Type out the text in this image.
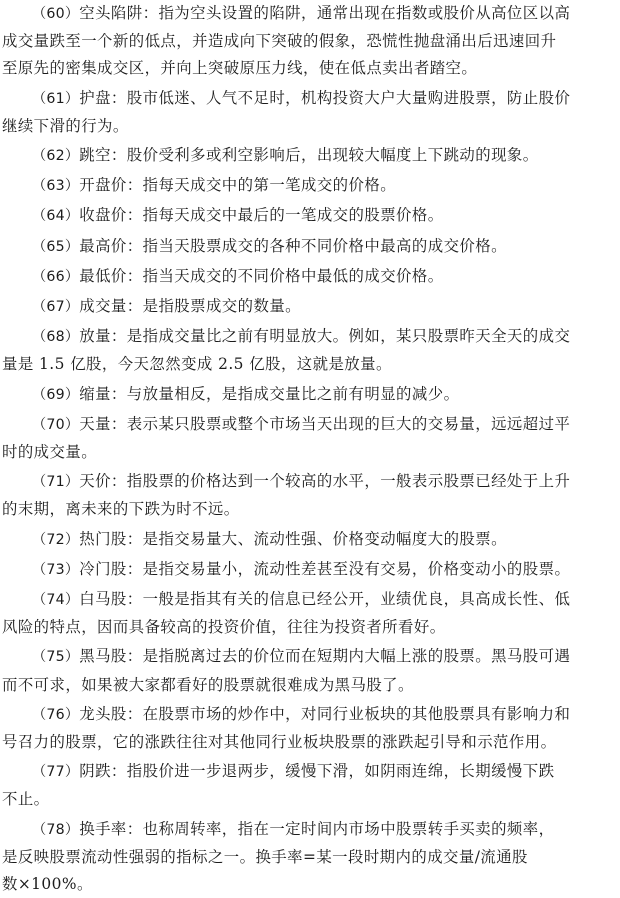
（60）空头陷阱：指为空头设置的陷阱，通常出现在指数或股价从高位区以高
成交量跌至一个新的低点，并造成向下突破的假象，恐慌性抛盘涌出后迅速回升
至原先的密集成交区，并向上突破原压力线，使在低点卖出者踏空。
（61）护盘：股市低迷、人气不足时，机构投资大户大量购进股票，防止股价
继续下滑的行为。
（62）跳空：股价受利多或利空影响后，出现较大幅度上下跳动的现象。
（63）开盘价：指每天成交中的第一笔成交的价格。
（64）收盘价：指每天成交中最后的一笔成交的股票价格。
（65）最高价：指当天股票成交的各种不同价格中最高的成交价格。
（66）最低价：指当天成交的不同价格中最低的成交价格。
（67）成交量：是指股票成交的数量。
（68）放量：是指成交量比之前有明显放大。例如，某只股票昨天全天的成交
量是 1.5 亿股，今天忽然变成 2.5 亿股，这就是放量。
（69）缩量：与放量相反，是指成交量比之前有明显的减少。
（70）天量：表示某只股票或整个市场当天出现的巨大的交易量，远远超过平
时的成交量。
（71）天价：指股票的价格达到一个较高的水平，一般表示股票已经处于上升
的末期，离未来的下跌为时不远。
（72）热门股：是指交易量大、流动性强、价格变动幅度大的股票。
（73）冷门股：是指交易量小，流动性差甚至没有交易，价格变动小的股票。
（74）白马股：一般是指其有关的信息已经公开，业绩优良，具高成长性、低
风险的特点，因而具备较高的投资价值，往往为投资者所看好。
（75）黑马股：是指脱离过去的价位而在短期内大幅上涨的股票。黑马股可遇
而不可求，如果被大家都看好的股票就很难成为黑马股了。
（76）龙头股：在股票市场的炒作中，对同行业板块的其他股票具有影响力和
号召力的股票，它的涨跌往往对其他同行业板块股票的涨跌起引导和示范作用。
（77）阴跌：指股价进一步退两步，缓慢下滑，如阴雨连绵，长期缓慢下跌
不止。
（78）换手率：也称周转率，指在一定时间内市场中股票转手买卖的频率，
是反映股票流动性强弱的指标之一。换手率=某一段时期内的成交量/流通股
数×100%。
